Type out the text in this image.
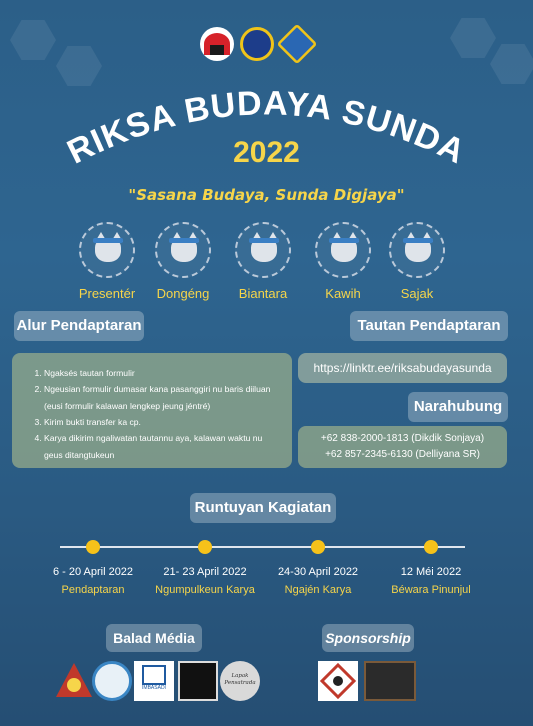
RIKSA BUDAYA SUNDA
2022
"Sasana Budaya, Sunda Digjaya"
Presentér	Dongéng	Biantara	Kawih	Sajak
Alur Pendaptaran
1. Ngaksés tautan formulir
2. Ngeusian formulir dumasar kana pasanggiri nu baris diiluan (eusi formulir kalawan lengkep jeung jéntré)
3. Kirim bukti transfer ka cp.
4. Karya dikirim ngaliwatan tautannu aya, kalawan waktu nu geus ditangtukeun
Tautan Pendaptaran
https://linktr.ee/riksabudayasunda
Narahubung
+62 838-2000-1813 (Dikdik Sonjaya)
+62 857-2345-6130 (Delliyana SR)
Runtuyan Kagiatan
6 - 20 April 2022
Pendaptaran
21- 23 April 2022
Ngumpulkeun Karya
24-30 April 2022
Ngajén Karya
12 Méi 2022
Béwara Pinunjul
Balad Média
IMBASADI
Lapak Pensatrada
Sponsorship
